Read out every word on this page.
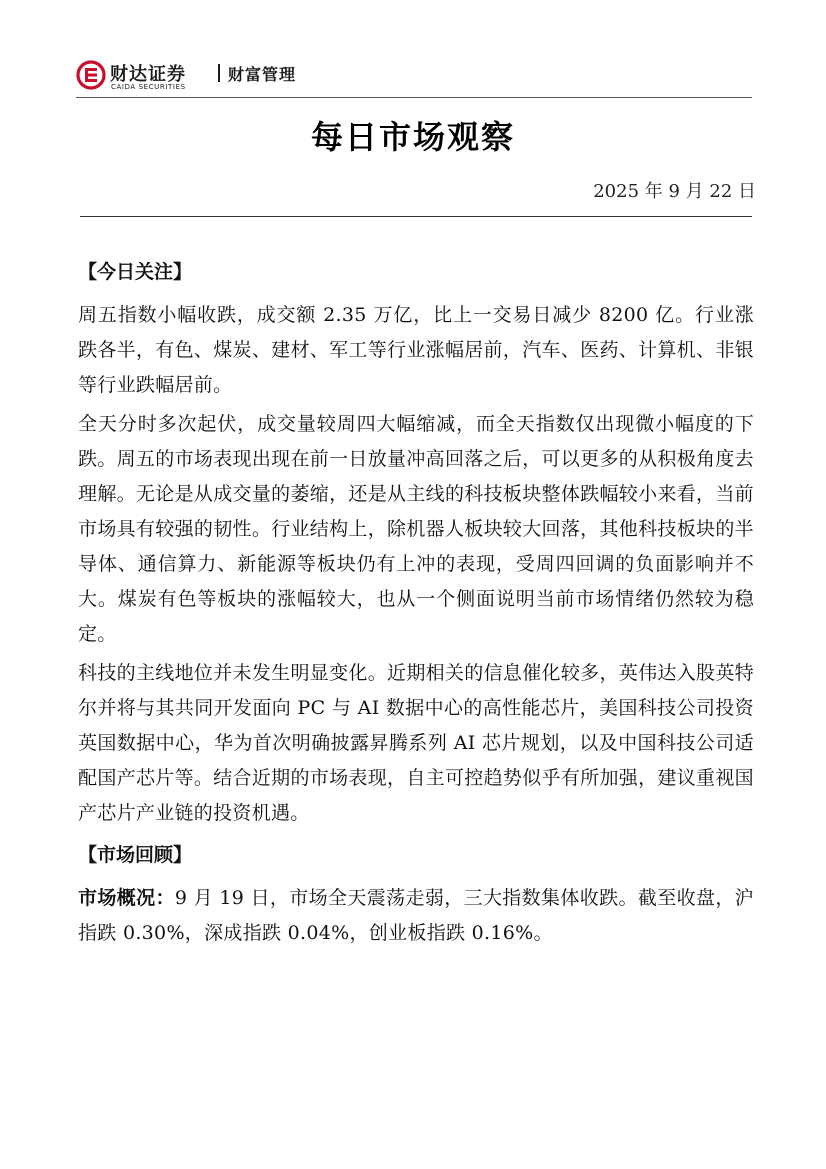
财达证券
CAIDA SECURITIES
财富管理
每日市场观察
2025 年 9 月 22 日
【今日关注】

周五指数小幅收跌，成交额 2.35 万亿，比上一交易日减少 8200 亿。行业涨跌各半，有色、煤炭、建材、军工等行业涨幅居前，汽车、医药、计算机、非银等行业跌幅居前。

全天分时多次起伏，成交量较周四大幅缩减，而全天指数仅出现微小幅度的下跌。周五的市场表现出现在前一日放量冲高回落之后，可以更多的从积极角度去理解。无论是从成交量的萎缩，还是从主线的科技板块整体跌幅较小来看，当前市场具有较强的韧性。行业结构上，除机器人板块较大回落，其他科技板块的半导体、通信算力、新能源等板块仍有上冲的表现，受周四回调的负面影响并不大。煤炭有色等板块的涨幅较大，也从一个侧面说明当前市场情绪仍然较为稳定。

科技的主线地位并未发生明显变化。近期相关的信息催化较多，英伟达入股英特尔并将与其共同开发面向 PC 与 AI 数据中心的高性能芯片，美国科技公司投资英国数据中心，华为首次明确披露昇腾系列 AI 芯片规划，以及中国科技公司适配国产芯片等。结合近期的市场表现，自主可控趋势似乎有所加强，建议重视国产芯片产业链的投资机遇。

【市场回顾】

市场概况：9 月 19 日，市场全天震荡走弱，三大指数集体收跌。截至收盘，沪指跌 0.30%，深成指跌 0.04%，创业板指跌 0.16%。
